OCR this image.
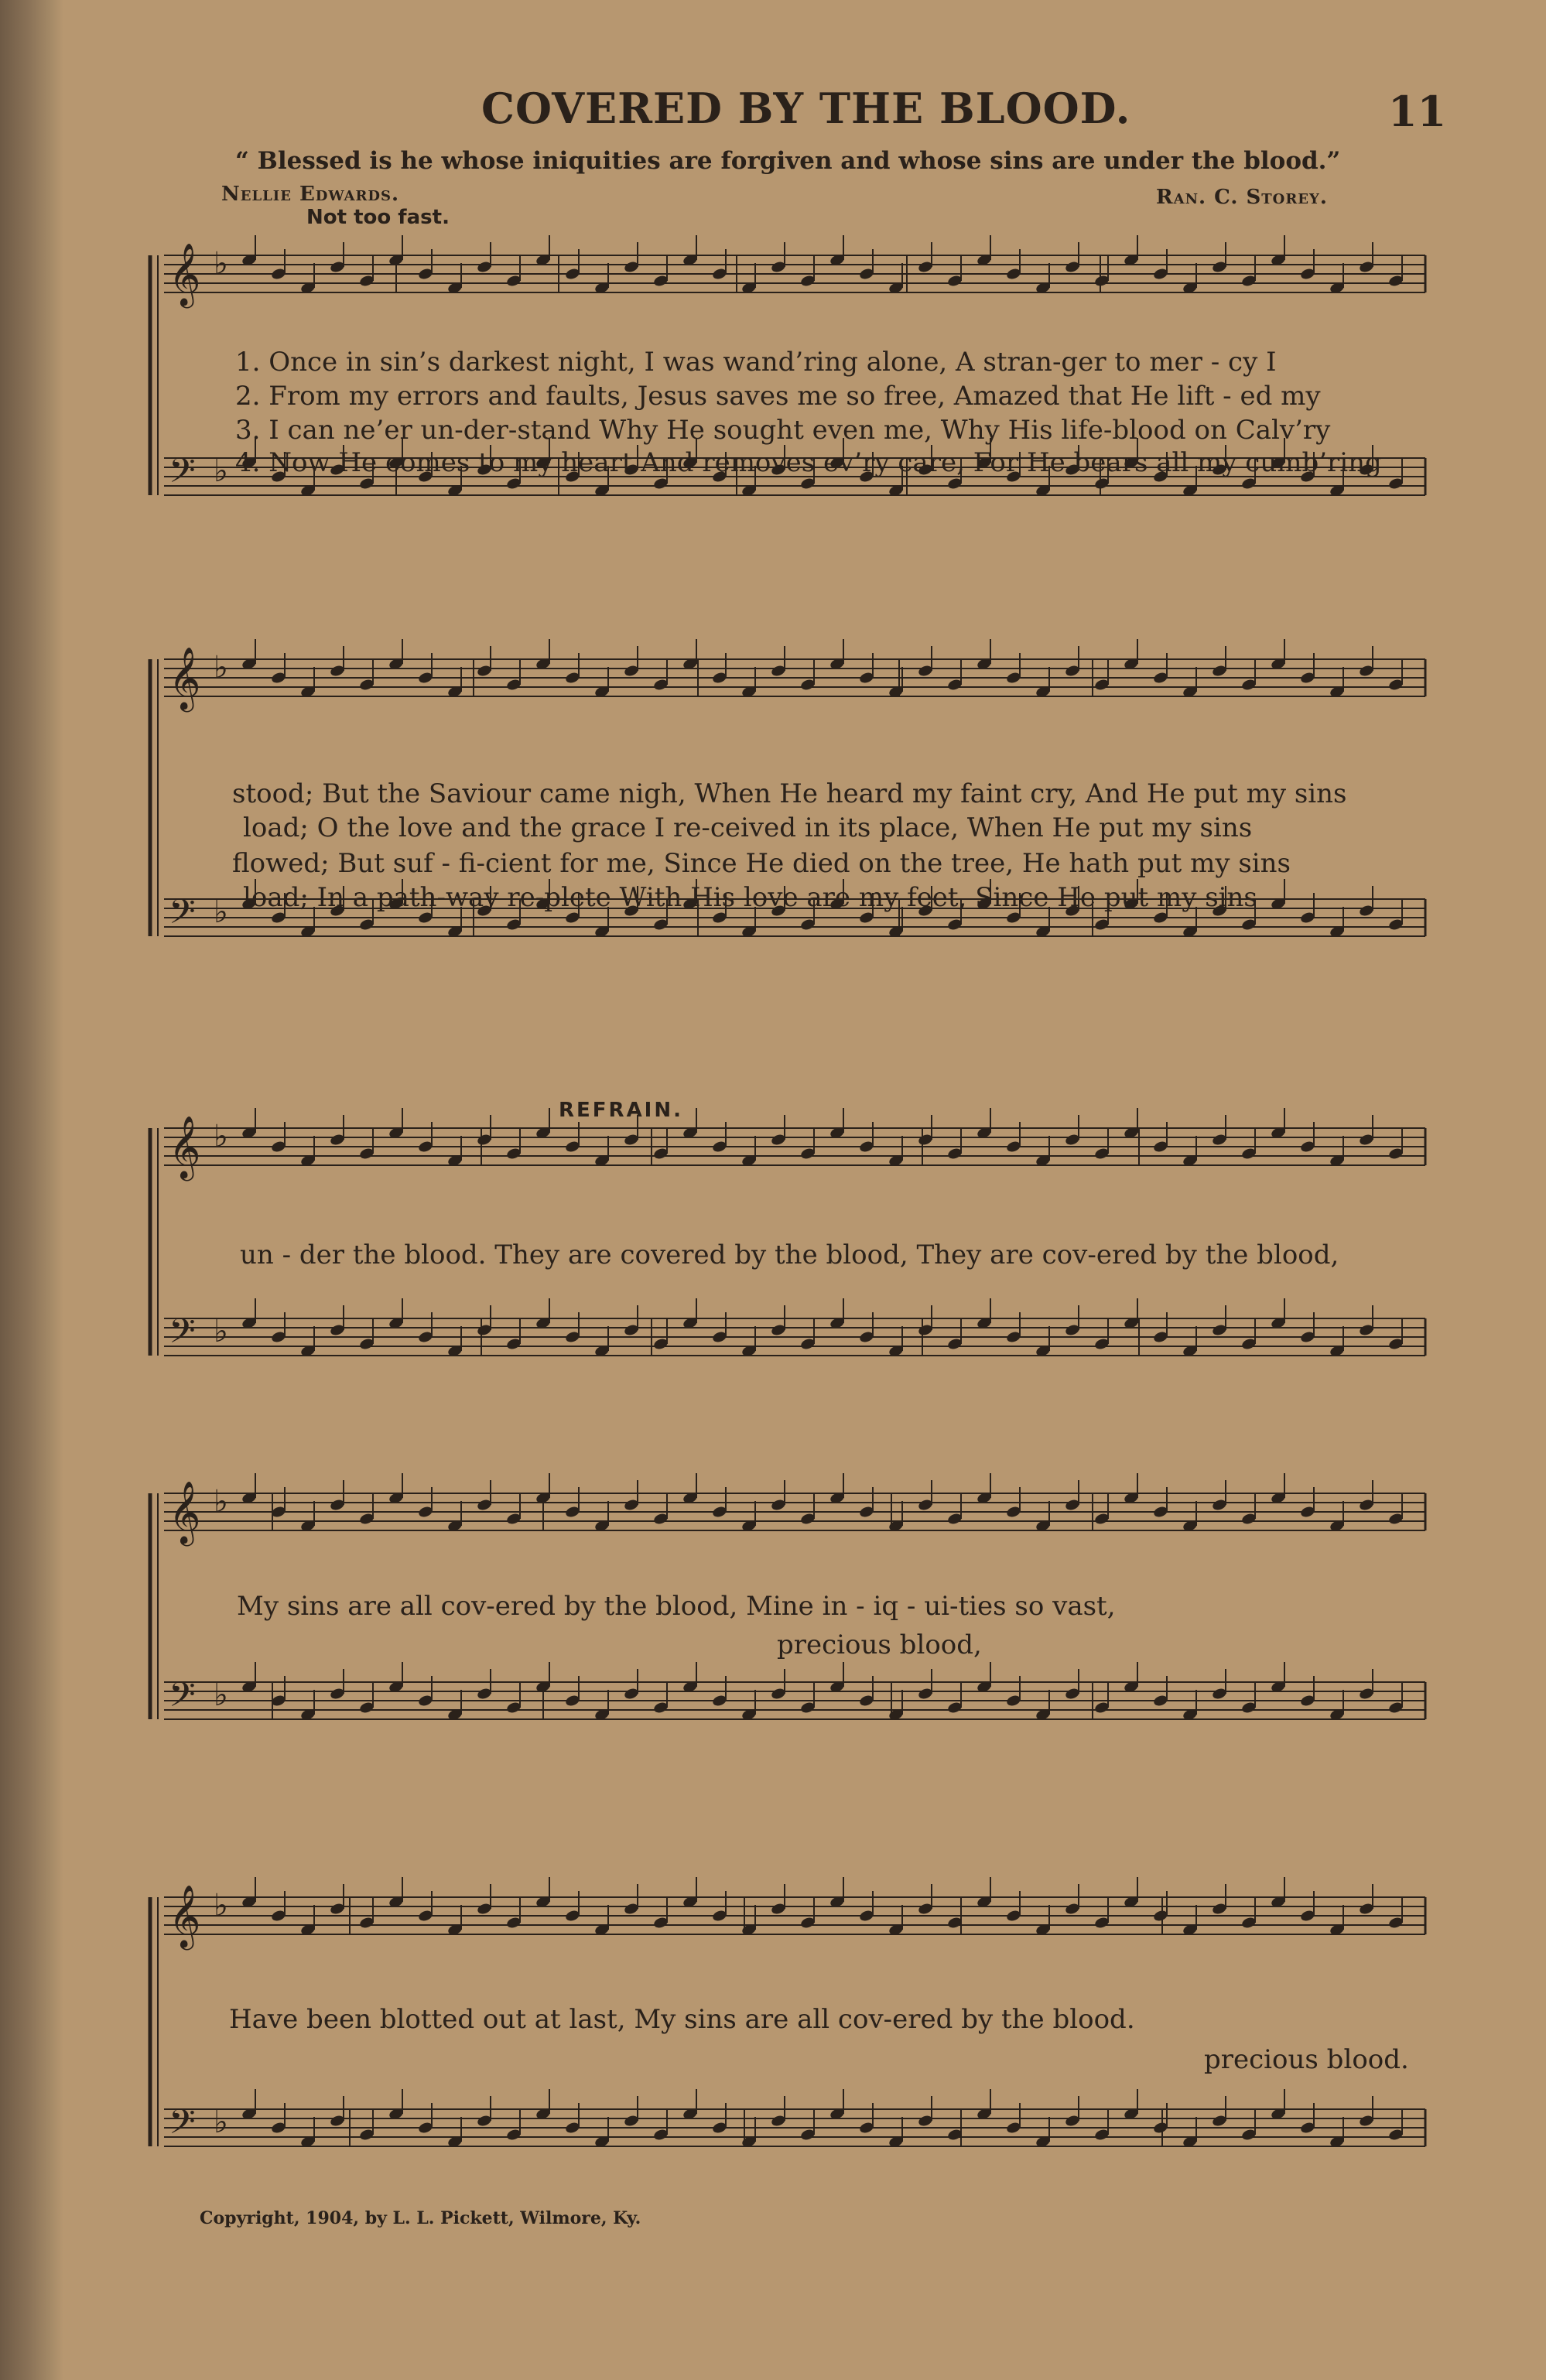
𝄞 ♭
𝄢 ♭
𝄞 ♭
𝄢 ♭
𝄞 ♭
𝄢 ♭
𝄞 ♭
𝄢 ♭
𝄞 ♭
𝄢 ♭
COVERED BY THE BLOOD.	11
“ Blessed is he whose iniquities are forgiven and whose sins are under the blood.”
Nellie Edwards.	Ran. C. Storey.
Not too fast.
1. Once in sin’s darkest night, I was wand’ring alone, A stran-ger to mer - cy I
2. From my errors and faults, Jesus saves me so free, Amazed that He lift - ed my
3. I can ne’er un-der-stand Why He sought even me, Why His life-blood on Calv’ry
4. Now He comes to my heart And removes ev’ry care, For He bears all my cumb’ring
stood; But the Saviour came nigh, When He heard my faint cry, And He put my sins
load; O the love and the grace I re-ceived in its place, When He put my sins
flowed; But suf - fi-cient for me, Since He died on the tree, He hath put my sins
load; In a path-way re-plete With His love are my feet, Since He put my sins
REFRAIN.
un - der the blood. They are covered by the blood, They are cov-ered by the blood,
My sins are all cov-ered by the blood, Mine in - iq - ui-ties so vast,
precious blood,
Have been blotted out at last, My sins are all cov-ered by the blood.
precious blood.
Copyright, 1904, by L. L. Pickett, Wilmore, Ky.
